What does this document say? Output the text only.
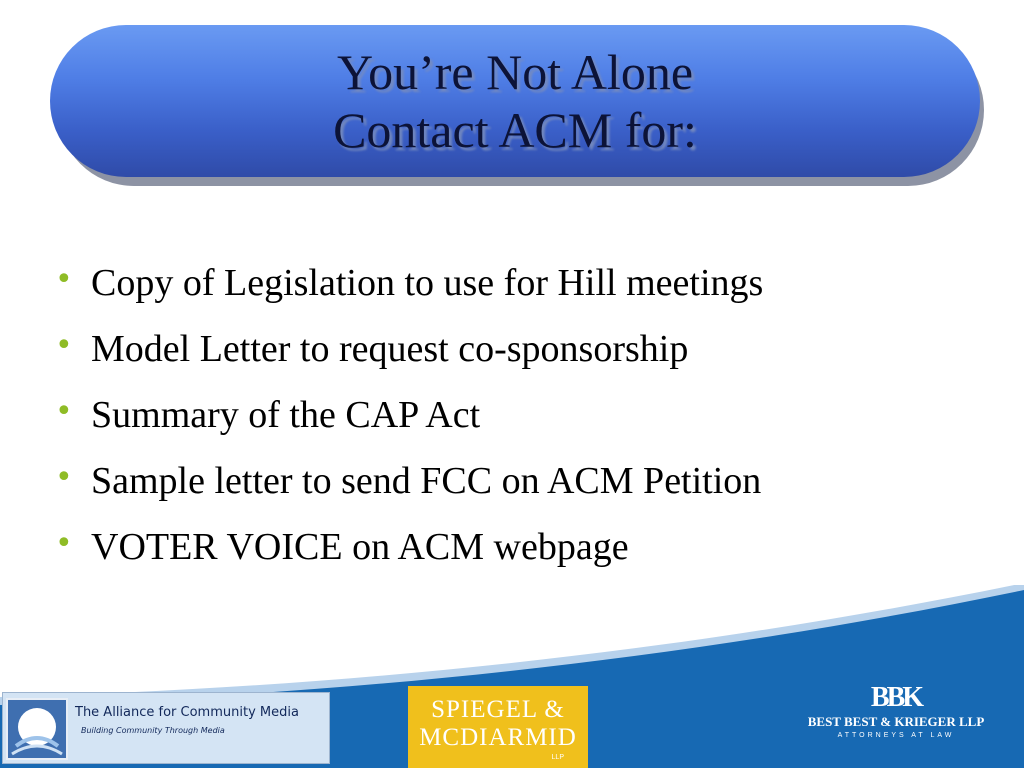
You’re Not Alone
Contact ACM for:
• Copy of Legislation to use for Hill meetings
• Model Letter to request co-sponsorship
• Summary of the CAP Act
• Sample letter to send FCC on ACM Petition
• VOTER VOICE on ACM webpage
The Alliance for Community Media
Building Community Through Media
SPIEGEL &
MCDIARMID
LLP
BBK
BEST BEST & KRIEGER LLP
ATTORNEYS AT LAW
